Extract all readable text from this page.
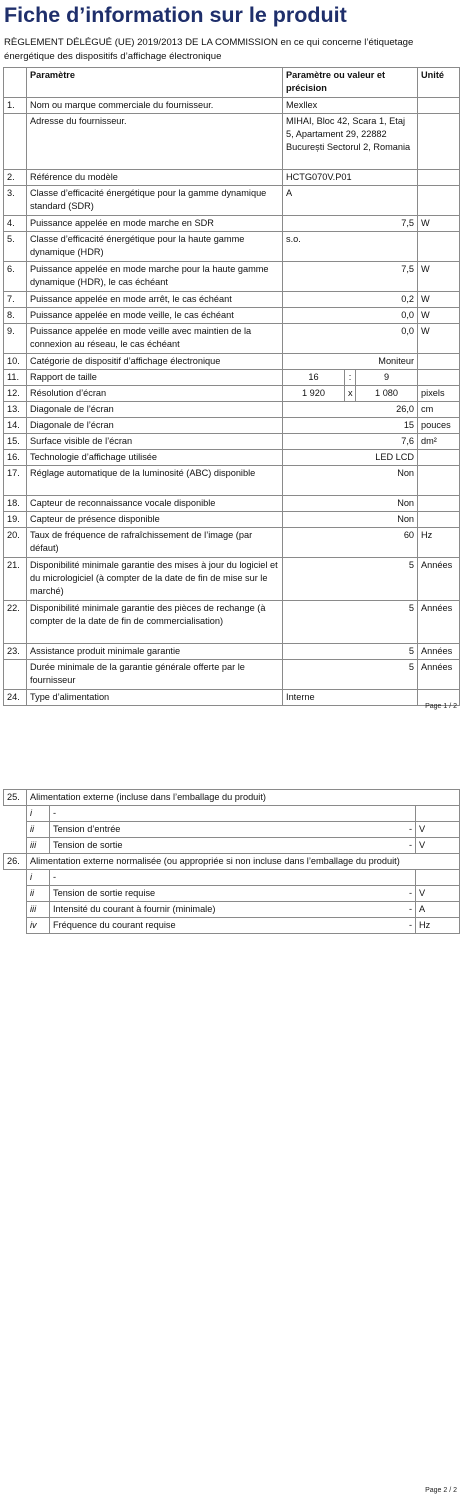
Fiche d’information sur le produit
RÈGLEMENT DÉLÉGUÉ (UE) 2019/2013 DE LA COMMISSION en ce qui concerne l’étiquetage énergétique des dispositifs d’affichage électronique
	Paramètre	Paramètre ou valeur et précision			Unité
1.	Nom ou marque commerciale du fournisseur.	Mexllex			
	Adresse du fournisseur.	MIHAI, Bloc 42, Scara 1, Etaj 5, Apartament 29, 22882 București Sectorul 2, Romania			
2.	Référence du modèle	HCTG070V.P01			
3.	Classe d’efficacité énergétique pour la gamme dynamique standard (SDR)	A			
4.	Puissance appelée en mode marche en SDR	7,5			W
5.	Classe d’efficacité énergétique pour la haute gamme dynamique (HDR)	s.o.			
6.	Puissance appelée en mode marche pour la haute gamme dynamique (HDR), le cas échéant	7,5			W
7.	Puissance appelée en mode arrêt, le cas échéant	0,2			W
8.	Puissance appelée en mode veille, le cas échéant	0,0			W
9.	Puissance appelée en mode veille avec maintien de la connexion au réseau, le cas échéant	0,0			W
10.	Catégorie de dispositif d’affichage électronique	Moniteur			
11.	Rapport de taille	16	:	9	
12.	Résolution d’écran	1 920	x	1 080	pixels
13.	Diagonale de l’écran	26,0			cm
14.	Diagonale de l’écran	15			pouces
15.	Surface visible de l’écran	7,6			dm²
16.	Technologie d’affichage utilisée	LED LCD			
17.	Réglage automatique de la luminosité (ABC) disponible	Non			
18.	Capteur de reconnaissance vocale disponible	Non			
19.	Capteur de présence disponible	Non			
20.	Taux de fréquence de rafraîchissement de l’image (par défaut)	60			Hz
21.	Disponibilité minimale garantie des mises à jour du logiciel et du micrologiciel (à compter de la date de fin de mise sur le marché)	5			Années
22.	Disponibilité minimale garantie des pièces de rechange (à compter de la date de fin de commercialisation)	5			Années
23.	Assistance produit minimale garantie	5			Années
	Durée minimale de la garantie générale offerte par le fournisseur	5			Années
24.	Type d’alimentation	Interne			
Page 1 / 2
25.	Alimentation externe (incluse dans l’emballage du produit)			
	i	-		
	ii	Tension d’entrée	-	V
	iii	Tension de sortie	-	V
26.	Alimentation externe normalisée (ou appropriée si non incluse dans l’emballage du produit)			
	i	-		
	ii	Tension de sortie requise	-	V
	iii	Intensité du courant à fournir (minimale)	-	A
	iv	Fréquence du courant requise	-	Hz
Page 2 / 2
